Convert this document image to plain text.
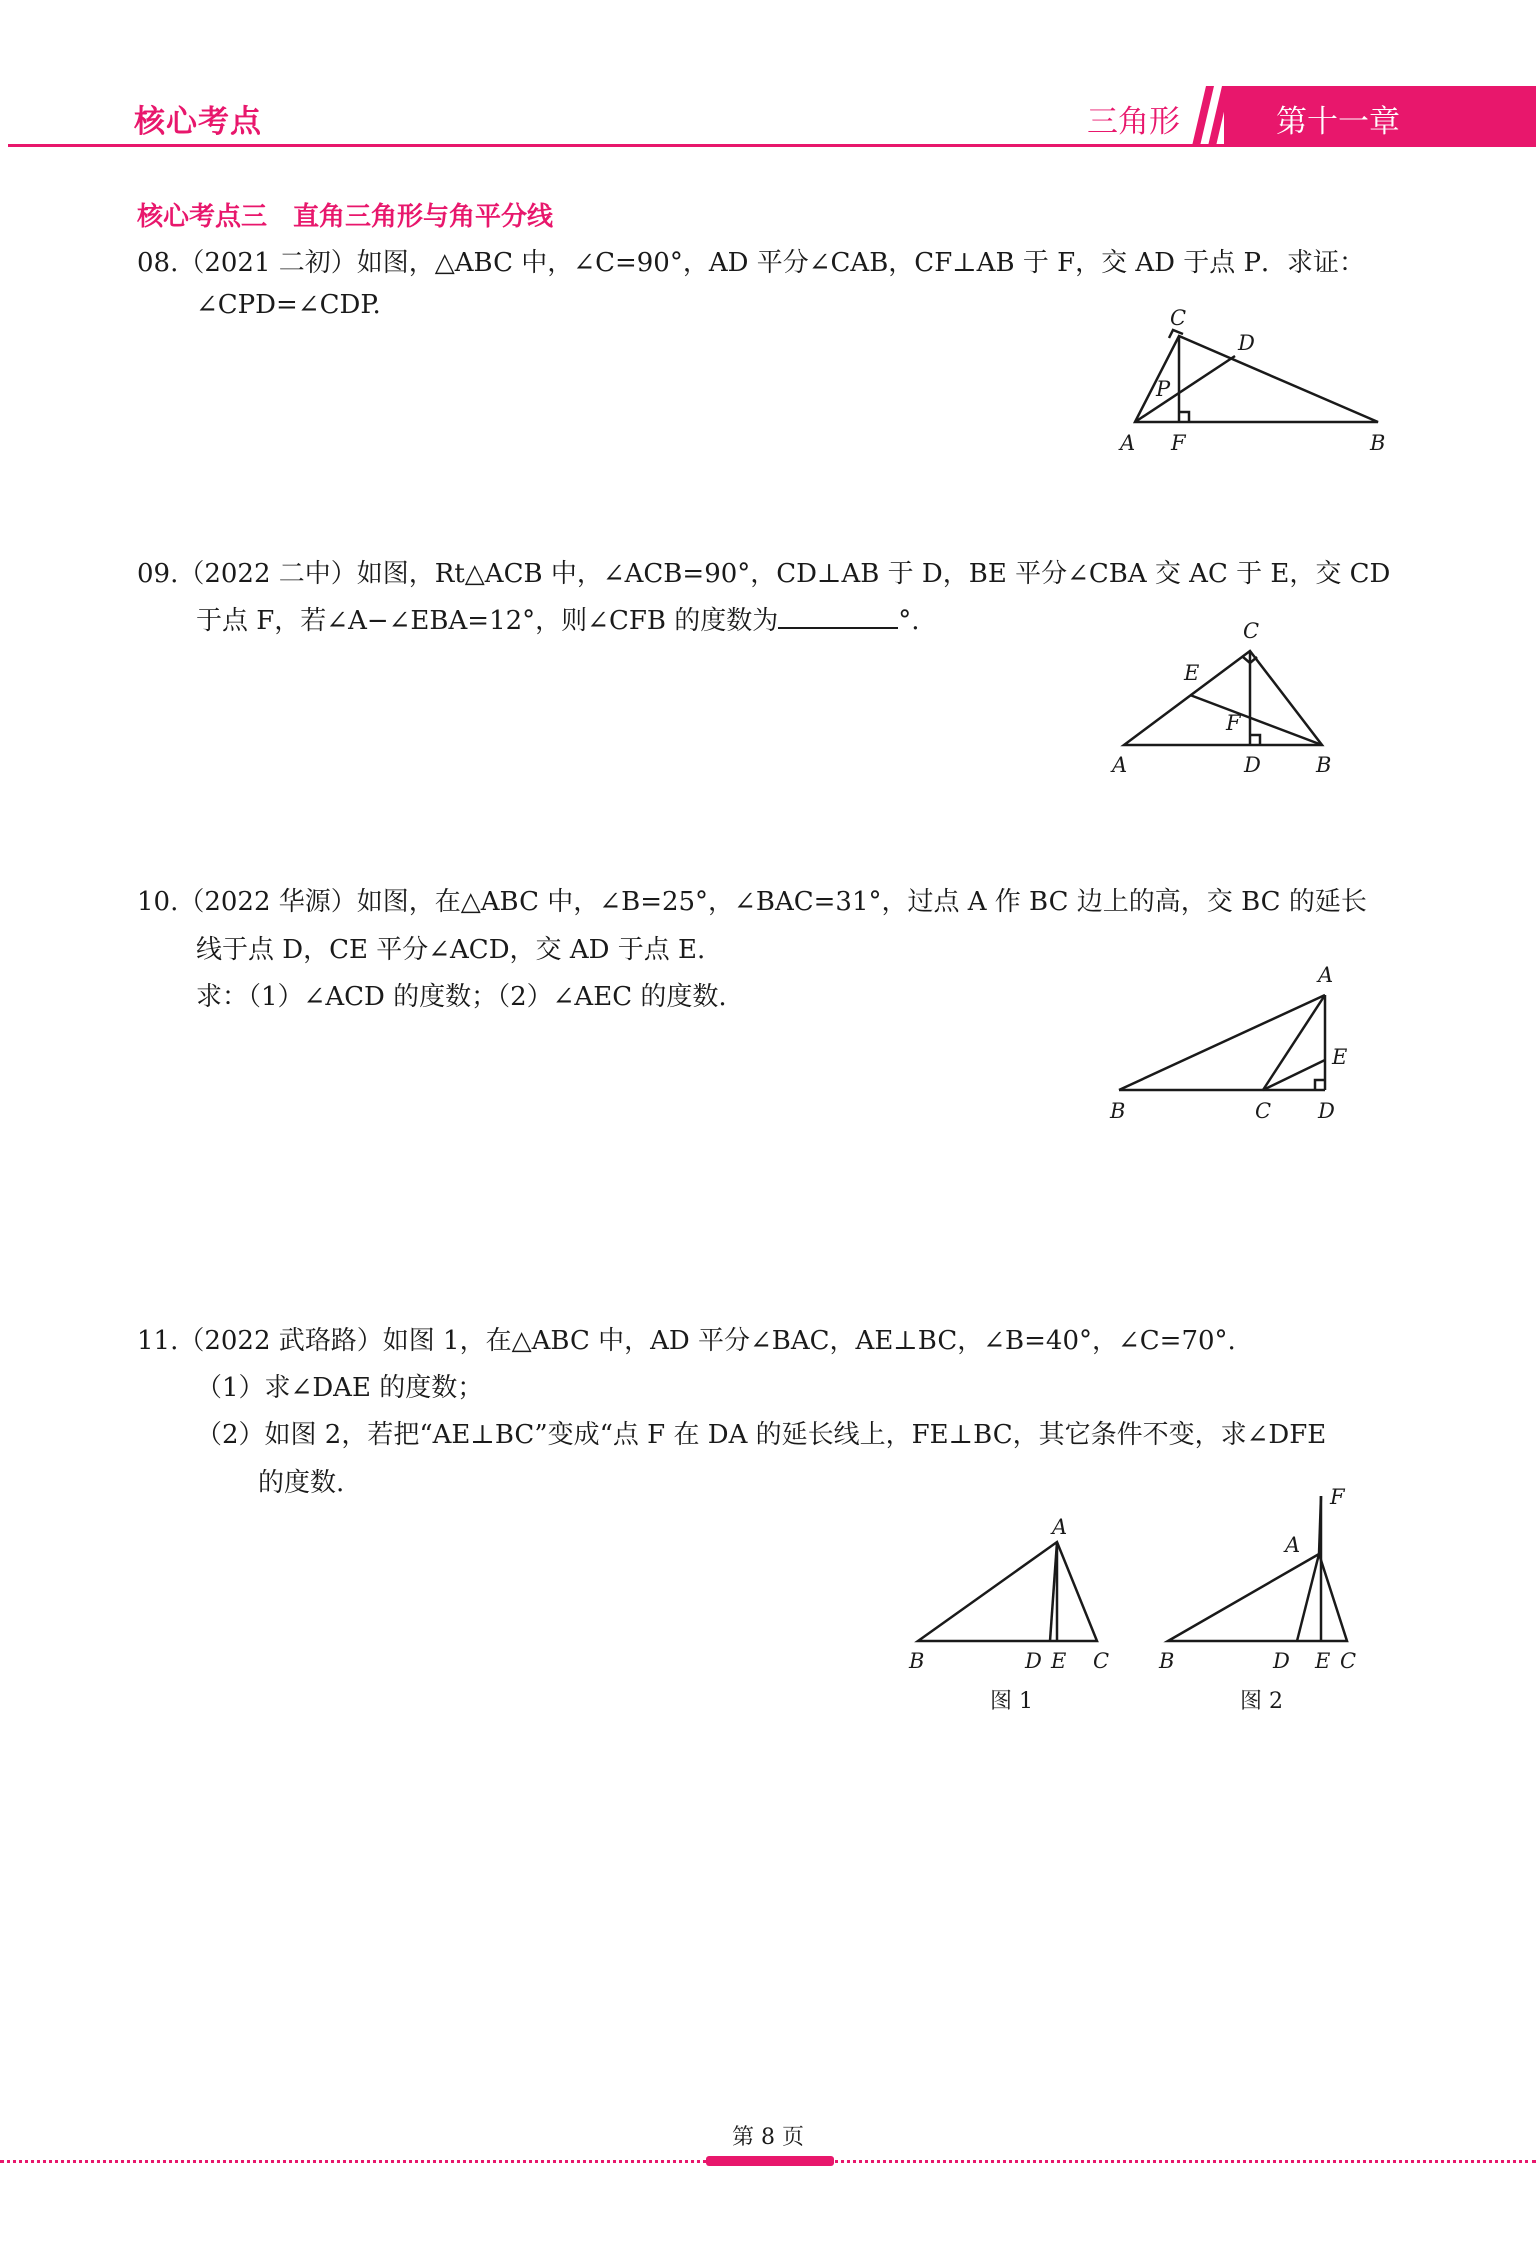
核心考点	三角形	第十一章
核心考点三　直角三角形与角平分线
08.（2021 二初）如图，△ABC 中，∠C=90°，AD 平分∠CAB，CF⊥AB 于 F，交 AD 于点 P．求证：
∠CPD=∠CDP.	C
D
P
A F	B
09.（2022 二中）如图，Rt△ACB 中，∠ACB=90°，CD⊥AB 于 D，BE 平分∠CBA 交 AC 于 E，交 CD
于点 F，若∠A−∠EBA=12°，则∠CFB 的度数为	°.	C
E
F
A	D	B
10.（2022 华源）如图，在△ABC 中，∠B=25°，∠BAC=31°，过点 A 作 BC 边上的高，交 BC 的延长
线于点 D，CE 平分∠ACD，交 AD 于点 E.
求：（1）∠ACD 的度数；（2）∠AEC 的度数.
A
E
B	C D
11.（2022 武珞路）如图 1，在△ABC 中，AD 平分∠BAC，AE⊥BC，∠B=40°，∠C=70°.
（1）求∠DAE 的度数；
（2）如图 2，若把“AE⊥BC”变成“点 F 在 DA 的延长线上，FE⊥BC，其它条件不变，求∠DFE
的度数.
A
B	D E C
图 1
F
A
B	D E C
图 2
第 8 页
